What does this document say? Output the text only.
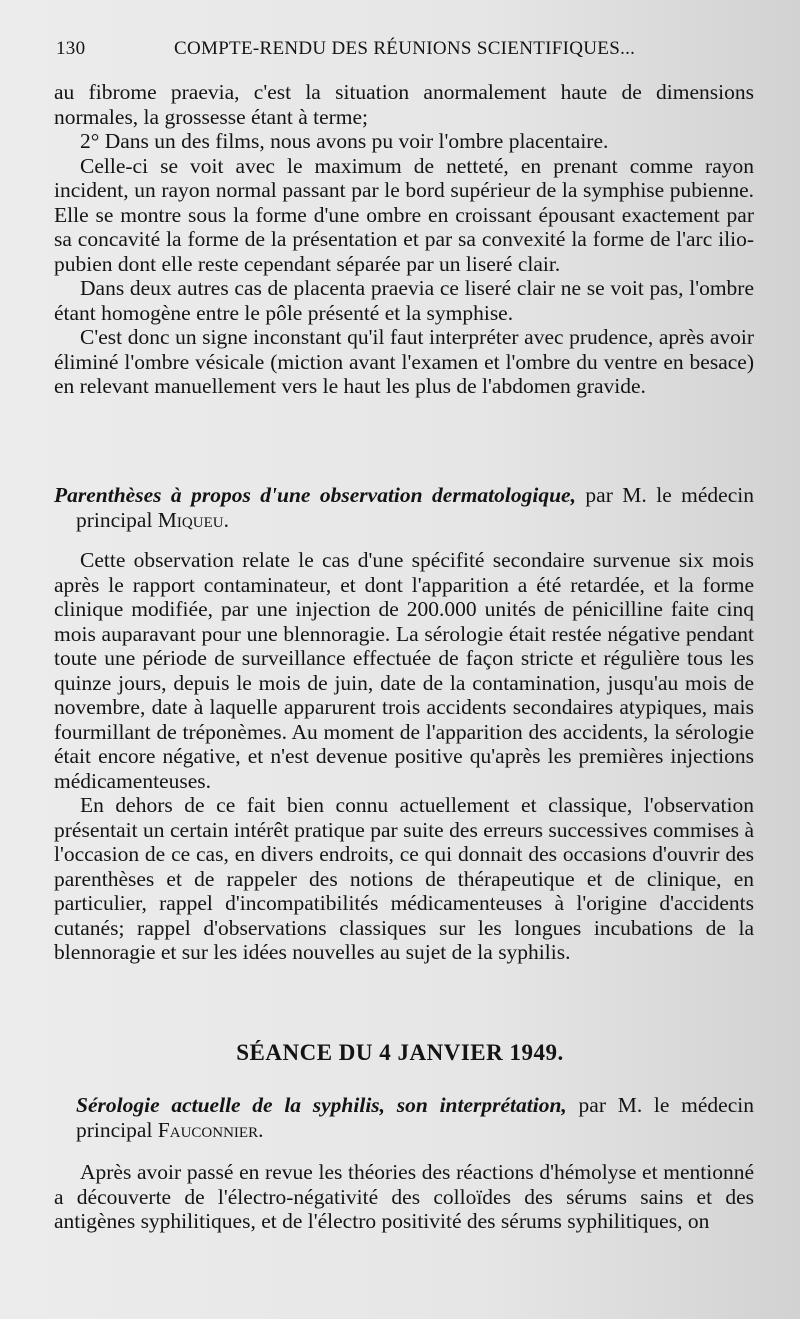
130	COMPTE-RENDU DES RÉUNIONS SCIENTIFIQUES...

au fibrome praevia, c'est la situation anormalement haute de dimensions normales, la grossesse étant à terme;

2° Dans un des films, nous avons pu voir l'ombre placentaire.

Celle-ci se voit avec le maximum de netteté, en prenant comme rayon incident, un rayon normal passant par le bord supérieur de la symphise pubienne. Elle se montre sous la forme d'une ombre en croissant épousant exactement par sa concavité la forme de la présentation et par sa convexité la forme de l'arc ilio-pubien dont elle reste cependant séparée par un liseré clair.

Dans deux autres cas de placenta praevia ce liseré clair ne se voit pas, l'ombre étant homogène entre le pôle présenté et la symphise.

C'est donc un signe inconstant qu'il faut interpréter avec prudence, après avoir éliminé l'ombre vésicale (miction avant l'examen et l'ombre du ventre en besace) en relevant manuellement vers le haut les plus de l'abdomen gravide.

Parenthèses à propos d'une observation dermatologique, par M. le médecin principal Miqueu.

Cette observation relate le cas d'une spécifité secondaire survenue six mois après le rapport contaminateur, et dont l'apparition a été retardée, et la forme clinique modifiée, par une injection de 200.000 unités de pénicilline faite cinq mois auparavant pour une blennoragie. La sérologie était restée négative pendant toute une période de surveillance effectuée de façon stricte et régulière tous les quinze jours, depuis le mois de juin, date de la contamination, jusqu'au mois de novembre, date à laquelle apparurent trois accidents secondaires atypiques, mais fourmillant de tréponèmes. Au moment de l'apparition des accidents, la sérologie était encore négative, et n'est devenue positive qu'après les premières injections médicamenteuses.

En dehors de ce fait bien connu actuellement et classique, l'observation présentait un certain intérêt pratique par suite des erreurs successives commises à l'occasion de ce cas, en divers endroits, ce qui donnait des occasions d'ouvrir des parenthèses et de rappeler des notions de thérapeutique et de clinique, en particulier, rappel d'incompatibilités médicamenteuses à l'origine d'accidents cutanés; rappel d'observations classiques sur les longues incubations de la blennoragie et sur les idées nouvelles au sujet de la syphilis.

SÉANCE DU 4 JANVIER 1949.

Sérologie actuelle de la syphilis, son interprétation, par M. le médecin principal Fauconnier.

Après avoir passé en revue les théories des réactions d'hémolyse et mentionné a découverte de l'électro-négativité des colloïdes des sérums sains et des antigènes syphilitiques, et de l'électro positivité des sérums syphilitiques, on
